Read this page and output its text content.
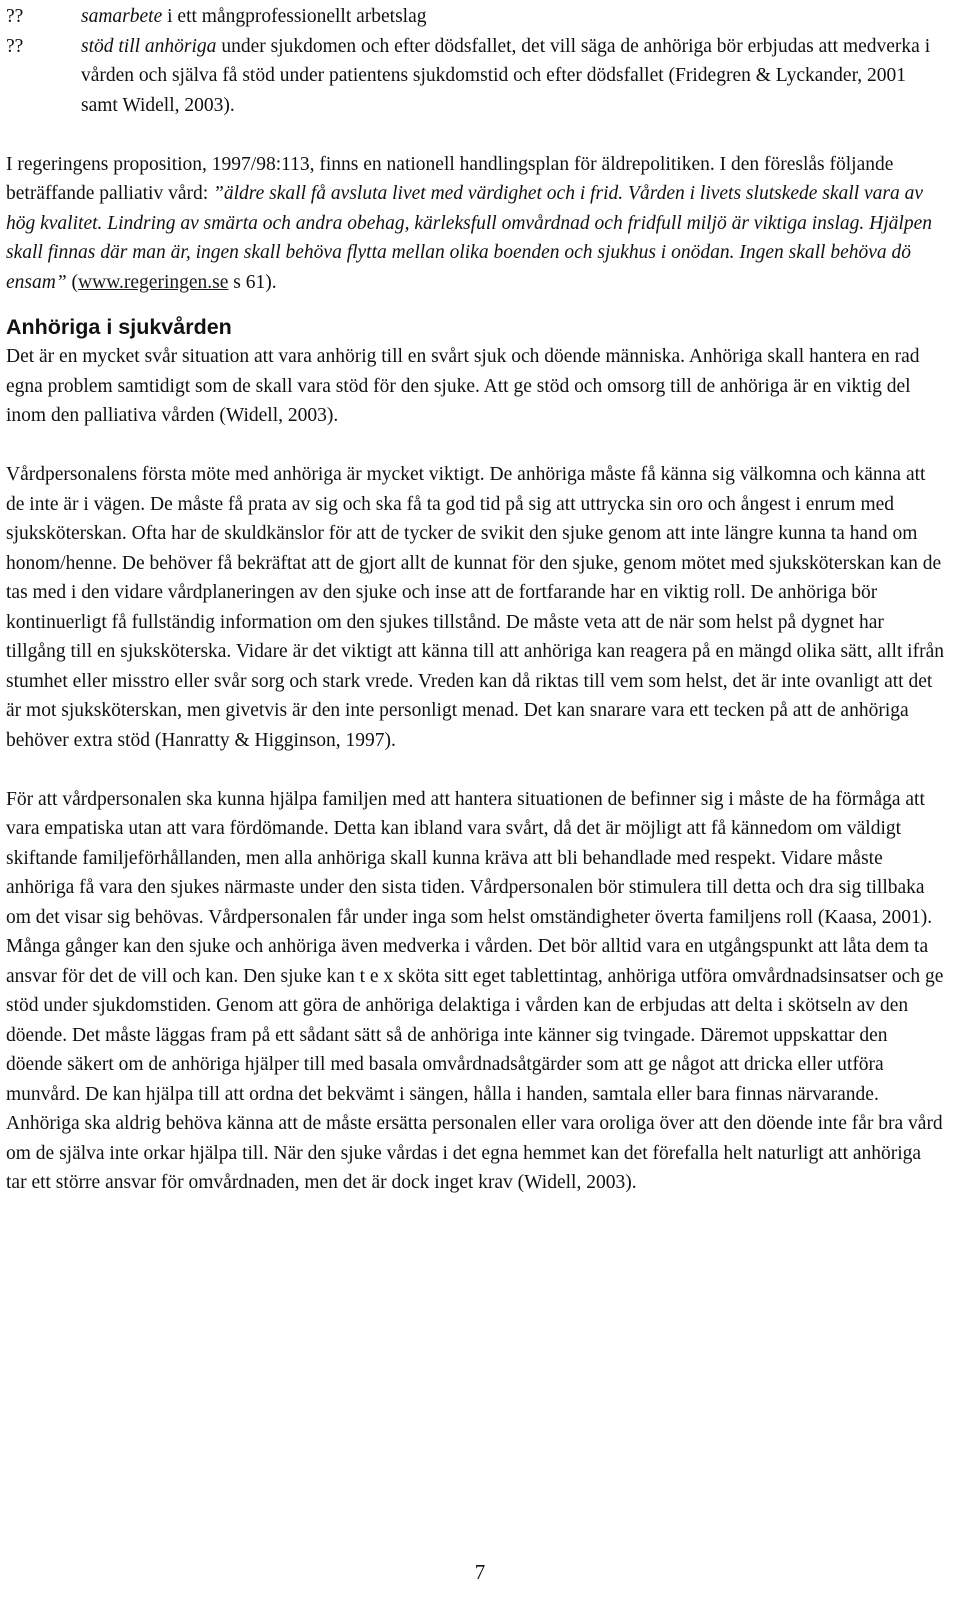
??	samarbete i ett mångprofessionellt arbetslag
??	stöd till anhöriga under sjukdomen och efter dödsfallet, det vill säga de anhöriga bör erbjudas att medverka i vården och själva få stöd under patientens sjukdomstid och efter dödsfallet (Fridegren & Lyckander, 2001 samt Widell, 2003).

I regeringens proposition, 1997/98:113, finns en nationell handlingsplan för äldrepolitiken. I den föreslås följande beträffande palliativ vård: ”äldre skall få avsluta livet med värdighet och i frid. Vården i livets slutskede skall vara av hög kvalitet. Lindring av smärta och andra obehag, kärleksfull omvårdnad och fridfull miljö är viktiga inslag. Hjälpen skall finnas där man är, ingen skall behöva flytta mellan olika boenden och sjukhus i onödan. Ingen skall behöva dö ensam” (www.regeringen.se s 61).

Anhöriga i sjukvården

Det är en mycket svår situation att vara anhörig till en svårt sjuk och döende människa. Anhöriga skall hantera en rad egna problem samtidigt som de skall vara stöd för den sjuke. Att ge stöd och omsorg till de anhöriga är en viktig del inom den palliativa vården (Widell, 2003).

Vårdpersonalens första möte med anhöriga är mycket viktigt. De anhöriga måste få känna sig välkomna och känna att de inte är i vägen. De måste få prata av sig och ska få ta god tid på sig att uttrycka sin oro och ångest i enrum med sjuksköterskan. Ofta har de skuldkänslor för att de tycker de svikit den sjuke genom att inte längre kunna ta hand om honom/henne. De behöver få bekräftat att de gjort allt de kunnat för den sjuke, genom mötet med sjuksköterskan kan de tas med i den vidare vårdplaneringen av den sjuke och inse att de fortfarande har en viktig roll. De anhöriga bör kontinuerligt få fullständig information om den sjukes tillstånd. De måste veta att de när som helst på dygnet har tillgång till en sjuksköterska. Vidare är det viktigt att känna till att anhöriga kan reagera på en mängd olika sätt, allt ifrån stumhet eller misstro eller svår sorg och stark vrede. Vreden kan då riktas till vem som helst, det är inte ovanligt att det är mot sjuksköterskan, men givetvis är den inte personligt menad. Det kan snarare vara ett tecken på att de anhöriga behöver extra stöd (Hanratty & Higginson, 1997).

För att vårdpersonalen ska kunna hjälpa familjen med att hantera situationen de befinner sig i måste de ha förmåga att vara empatiska utan att vara fördömande. Detta kan ibland vara svårt, då det är möjligt att få kännedom om väldigt skiftande familjeförhållanden, men alla anhöriga skall kunna kräva att bli behandlade med respekt. Vidare måste anhöriga få vara den sjukes närmaste under den sista tiden. Vårdpersonalen bör stimulera till detta och dra sig tillbaka om det visar sig behövas. Vårdpersonalen får under inga som helst omständigheter överta familjens roll (Kaasa, 2001). Många gånger kan den sjuke och anhöriga även medverka i vården. Det bör alltid vara en utgångspunkt att låta dem ta ansvar för det de vill och kan. Den sjuke kan t e x sköta sitt eget tablettintag, anhöriga utföra omvårdnadsinsatser och ge stöd under sjukdomstiden. Genom att göra de anhöriga delaktiga i vården kan de erbjudas att delta i skötseln av den döende. Det måste läggas fram på ett sådant sätt så de anhöriga inte känner sig tvingade. Däremot uppskattar den döende säkert om de anhöriga hjälper till med basala omvårdnadsåtgärder som att ge något att dricka eller utföra munvård. De kan hjälpa till att ordna det bekvämt i sängen, hålla i handen, samtala eller bara finnas närvarande. Anhöriga ska aldrig behöva känna att de måste ersätta personalen eller vara oroliga över att den döende inte får bra vård om de själva inte orkar hjälpa till. När den sjuke vårdas i det egna hemmet kan det förefalla helt naturligt att anhöriga tar ett större ansvar för omvårdnaden, men det är dock inget krav (Widell, 2003).

7
